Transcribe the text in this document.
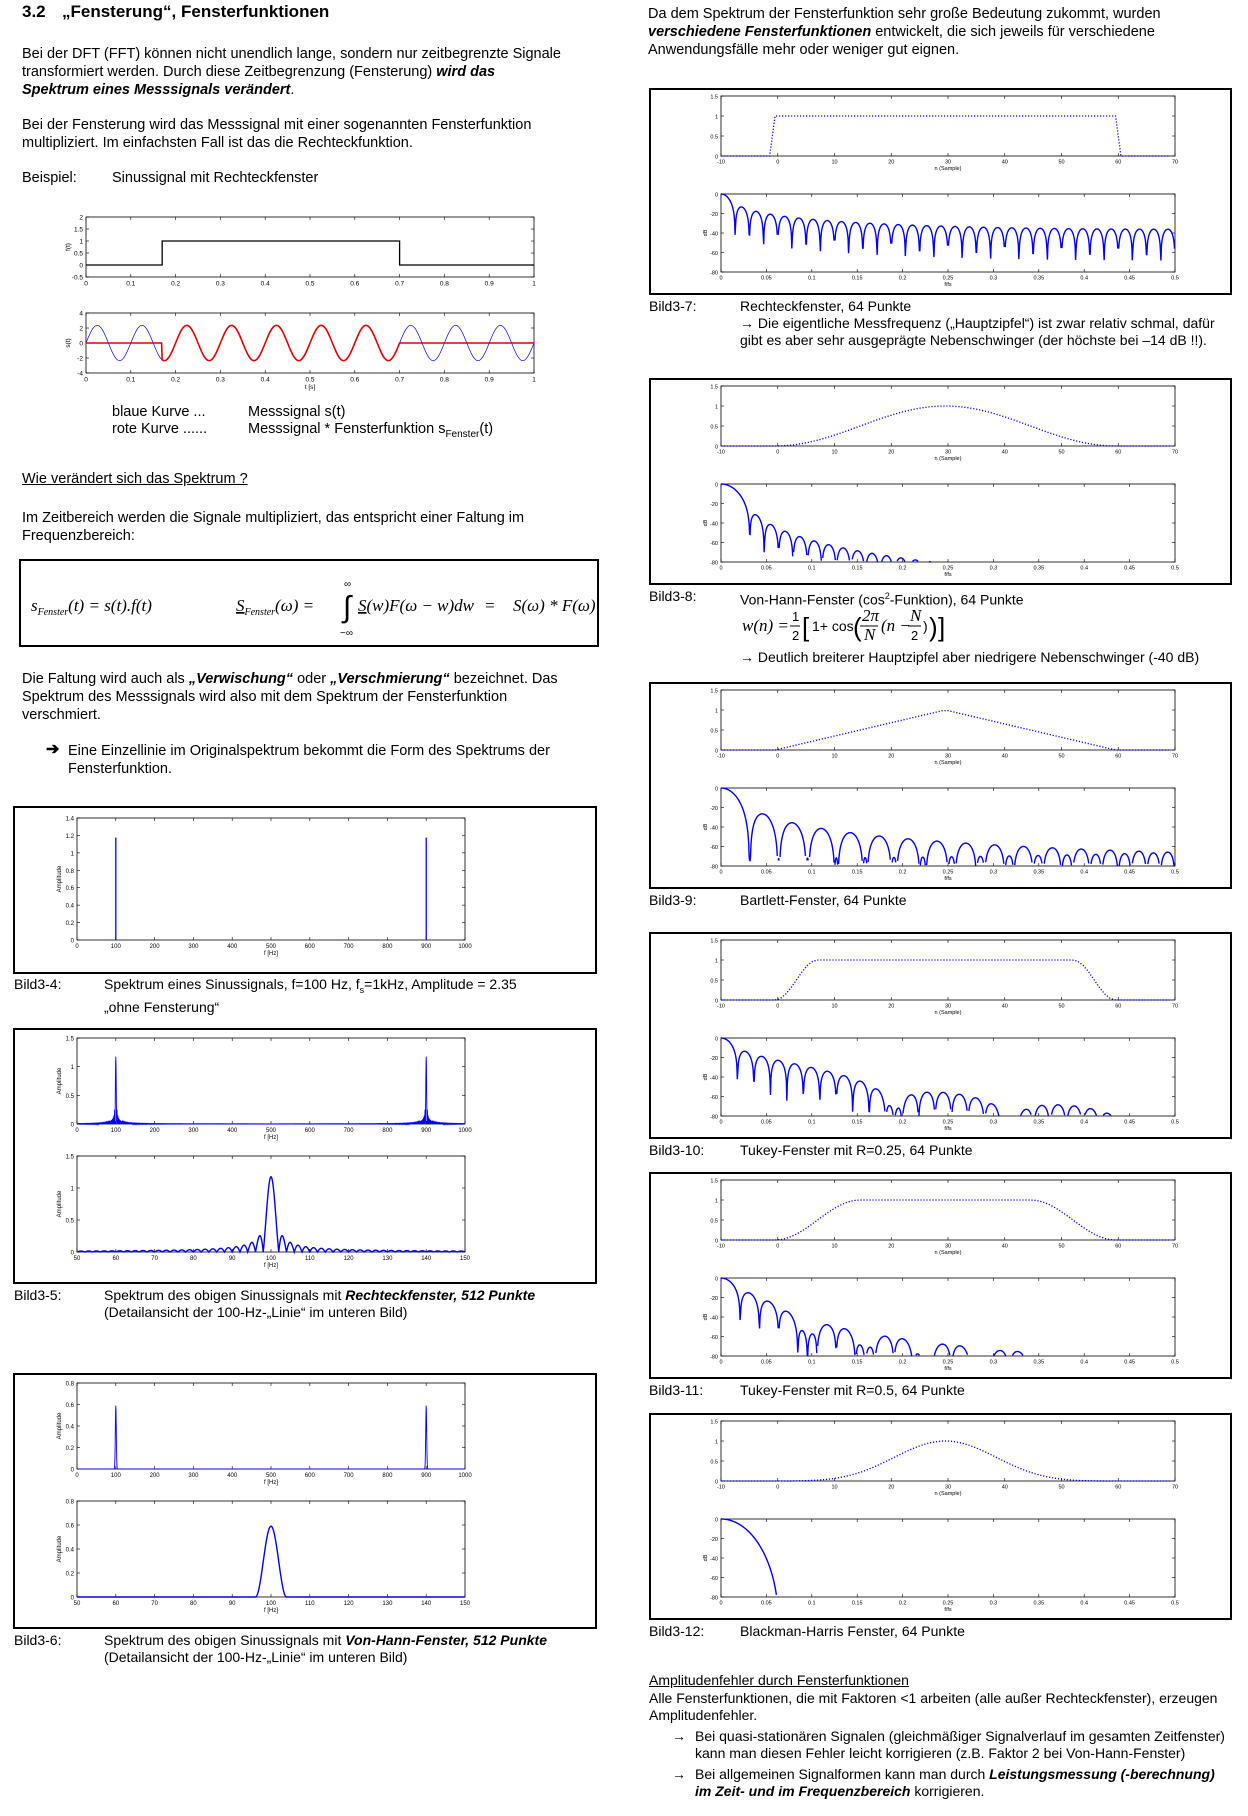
3.2 „Fensterung“, Fensterfunktionen
Bei der DFT (FFT) können nicht unendlich lange, sondern nur zeitbegrenzte Signale
transformiert werden. Durch diese Zeitbegrenzung (Fensterung) wird das
Spektrum eines Messsignals verändert.
Bei der Fensterung wird das Messsignal mit einer sogenannten Fensterfunktion
multipliziert. Im einfachsten Fall ist das die Rechteckfunktion.
Beispiel: Sinussignal mit Rechteckfenster
0	0.1	0.2	0.3	0.4	0.5	0.6	0.7	0.8	0.9	1
2
1.5
1
0.5
0
-0.5
f(t)
0	0.1	0.2	0.3	0.4	0.5	0.6	0.7	0.8	0.9	1
4
2
0
-2
-4
t [s]
s(t)
blaue Kurve ...	Messsignal s(t)
rote Kurve ......	Messsignal * Fensterfunktion $s_{Fenster}(t)$
Wie verändert sich das Spektrum ?
Im Zeitbereich werden die Signale multipliziert, das entspricht einer Faltung im
Frequenzbereich:
$s_{Fenster}(t) = s(t).f(t)$	$S_{Fenster}(\omega)$ = ∫
∞
−∞
S(w)F(ω − w)dw = S(ω) * F(ω)
Die Faltung wird auch als „Verwischung“ oder „Verschmierung“ bezeichnet. Das
Spektrum des Messsignals wird also mit dem Spektrum der Fensterfunktion
verschmiert.
➔ Eine Einzellinie im Originalspektrum bekommt die Form des Spektrums der
Fensterfunktion.
0	100	200	300	400	500	600	700	800	900	1000
1.4
1.2
1
0.8
0.6
0.4
0.2
0
f [Hz]
Amplitude
Bild3-4:	Spektrum eines Sinussignals, f=100 Hz, $f_s=1kHz$, Amplitude = 2.35
„ohne Fensterung“
0	100	200	300	400	500	600	700	800	900	1000
1.5
1
0.5
0
f [Hz]
Amplitude
50	60	70	80	90	100	110	120	130	140	150
1.5
1
0.5
0
f [Hz]
Amplitude
Bild3-5:	Spektrum des obigen Sinussignals mit Rechteckfenster, 512 Punkte
(Detailansicht der 100-Hz-„Linie“ im unteren Bild)
0	100	200	300	400	500	600	700	800	900	1000
0.8
0.6
0.4
0.2
0
f [Hz]
Amplitude
50	60	70	80	90	100	110	120	130	140	150
0.8
0.6
0.4
0.2
0
f [Hz]
Amplitude
Bild3-6:	Spektrum des obigen Sinussignals mit Von-Hann-Fenster, 512 Punkte
(Detailansicht der 100-Hz-„Linie“ im unteren Bild)
Da dem Spektrum der Fensterfunktion sehr große Bedeutung zukommt, wurden
verschiedene Fensterfunktionen entwickelt, die sich jeweils für verschiedene
Anwendungsfälle mehr oder weniger gut eignen.
-10	0	10	20	30	40	50	60	70
1.5
1
0.5
0
n (Sample)
0	0.05	0.1	0.15	0.2	0.25	0.3	0.35	0.4	0.45	0.5
0
-20
-40
-60
-80
f/fs
dB
-10	0	10	20	30	40	50	60	70
1.5
1
0.5
0
n (Sample)
0	0.05	0.1	0.15	0.2	0.25	0.3	0.35	0.4	0.45	0.5
0
-20
-40
-60
-80
f/fs
dB
-10	0	10	20	30	40	50	60	70
1.5
1
0.5
0
n (Sample)
0	0.05	0.1	0.15	0.2	0.25	0.3	0.35	0.4	0.45	0.5
0
-20
-40
-60
-80
f/fs
dB
-10	0	10	20	30	40	50	60	70
1.5
1
0.5
0
n (Sample)
0	0.05	0.1	0.15	0.2	0.25	0.3	0.35	0.4	0.45	0.5
0
-20
-40
-60
-80
f/fs
dB
-10	0	10	20	30	40	50	60	70
1.5
1
0.5
0
n (Sample)
0	0.05	0.1	0.15	0.2	0.25	0.3	0.35	0.4	0.45	0.5
0
-20
-40
-60
-80
f/fs
dB
-10	0	10	20	30	40	50	60	70
1.5
1
0.5
0
n (Sample)
0	0.05	0.1	0.15	0.2	0.25	0.3	0.35	0.4	0.45	0.5
0
-20
-40
-60
-80
f/fs
dB
Bild3-7:	Rechteckfenster, 64 Punkte
→ Die eigentliche Messfrequenz („Hauptzipfel“) ist zwar relativ schmal, dafür
gibt es aber sehr ausgeprägte Nebenschwinger (der höchste bei –14 dB !!).
Bild3-8:	Von-Hann-Fenster $(\cos^2-Funktion)$, 64 Punkte
w(n) = 1
2 [ 1+ cos ( 2π
N (n −
N
2
) ) ]
→ Deutlich breiterer Hauptzipfel aber niedrigere Nebenschwinger (-40 dB)
Bild3-9:	Bartlett-Fenster, 64 Punkte
Bild3-10:	Tukey-Fenster mit R=0.25, 64 Punkte
Bild3-11:	Tukey-Fenster mit R=0.5, 64 Punkte
Bild3-12:	Blackman-Harris Fenster, 64 Punkte
Amplitudenfehler durch Fensterfunktionen
Alle Fensterfunktionen, die mit Faktoren <1 arbeiten (alle außer Rechteckfenster), erzeugen
Amplitudenfehler.
→ Bei quasi-stationären Signalen (gleichmäßiger Signalverlauf im gesamten Zeitfenster)
kann man diesen Fehler leicht korrigieren (z.B. Faktor 2 bei Von-Hann-Fenster)
→ Bei allgemeinen Signalformen kann man durch Leistungsmessung (-berechnung)
im Zeit- und im Frequenzbereich korrigieren.
